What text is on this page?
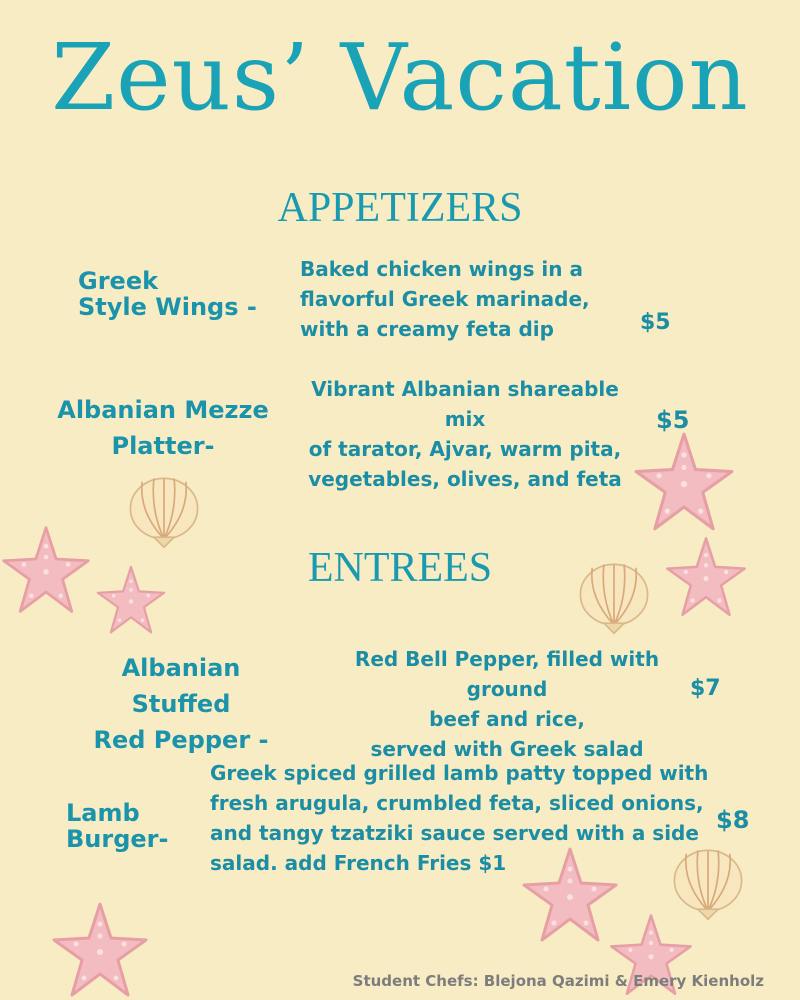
Zeus’ Vacation
APPETIZERS
Greek
Style Wings -
Baked chicken wings in a
flavorful Greek marinade,
with a creamy feta dip	$5
Albanian Mezze
Platter-
Vibrant Albanian shareable mix
of tarator, Ajvar, warm pita,
vegetables, olives, and feta
$5
ENTREES
Albanian Stuffed
Red Pepper -
Red Bell Pepper, filled with ground
beef and rice,
served with Greek salad
$7
Lamb
Burger-
Greek spiced grilled lamb patty topped with
fresh arugula, crumbled feta, sliced onions,
and tangy tzatziki sauce served with a side
salad. add French Fries $1
$8
Student Chefs: Blejona Qazimi & Emery Kienholz
